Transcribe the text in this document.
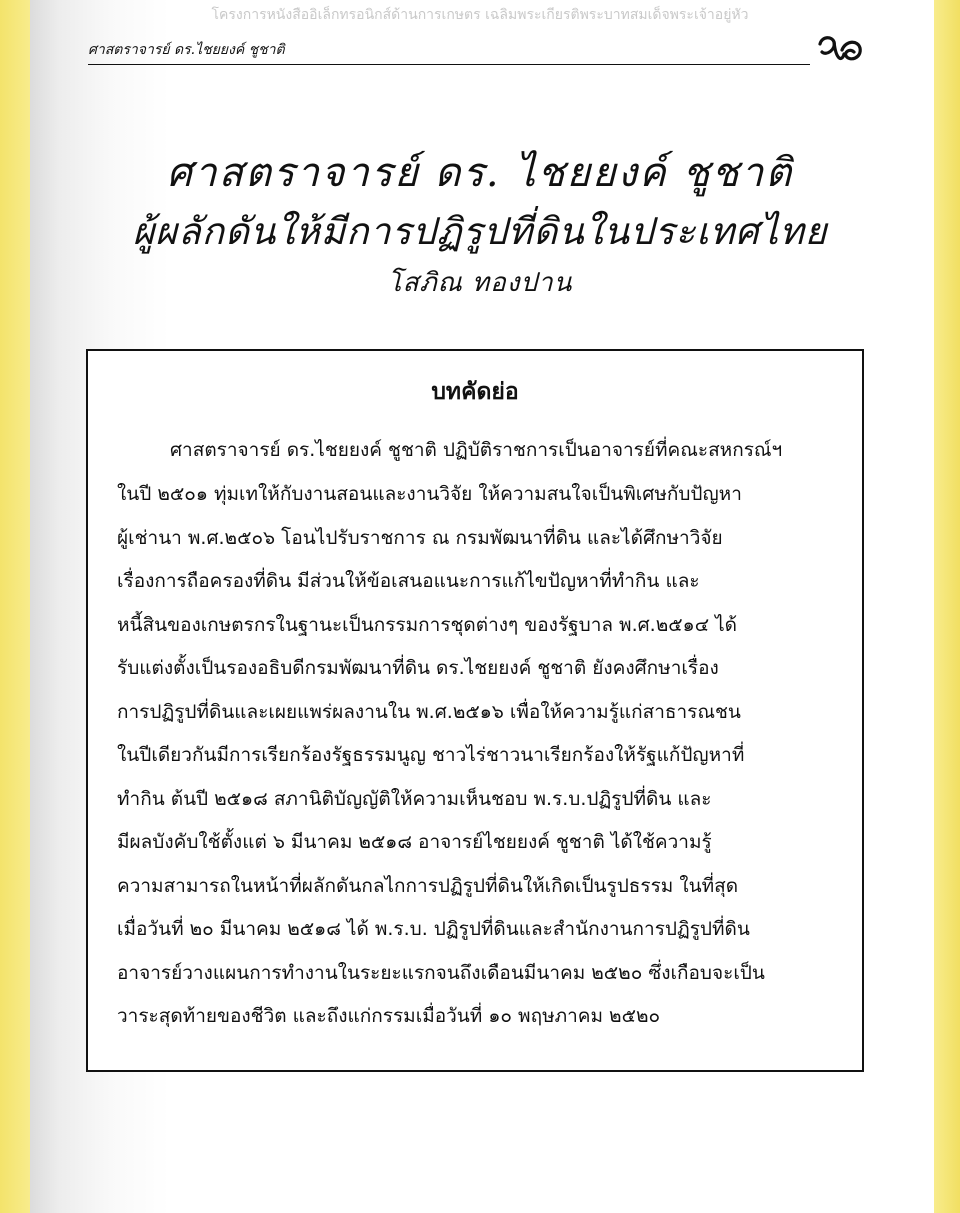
โครงการหนังสืออิเล็กทรอนิกส์ด้านการเกษตร เฉลิมพระเกียรติพระบาทสมเด็จพระเจ้าอยู่หัว
ศาสตราจารย์ ดร.ไชยยงค์ ชูชาติ
ศาสตราจารย์ ดร. ไชยยงค์ ชูชาติ
ผู้ผลักดันให้มีการปฏิรูปที่ดินในประเทศไทย
โสภิณ ทองปาน
บทคัดย่อ
ศาสตราจารย์ ดร.ไชยยงค์ ชูชาติ ปฏิบัติราชการเป็นอาจารย์ที่คณะสหกรณ์ฯ
ในปี ๒๕๐๑ ทุ่มเทให้กับงานสอนและงานวิจัย ให้ความสนใจเป็นพิเศษกับปัญหา
ผู้เช่านา พ.ศ.๒๕๐๖ โอนไปรับราชการ ณ กรมพัฒนาที่ดิน และได้ศึกษาวิจัย
เรื่องการถือครองที่ดิน มีส่วนให้ข้อเสนอแนะการแก้ไขปัญหาที่ทำกิน และ
หนี้สินของเกษตรกรในฐานะเป็นกรรมการชุดต่างๆ ของรัฐบาล พ.ศ.๒๕๑๔ ได้
รับแต่งตั้งเป็นรองอธิบดีกรมพัฒนาที่ดิน ดร.ไชยยงค์ ชูชาติ ยังคงศึกษาเรื่อง
การปฏิรูปที่ดินและเผยแพร่ผลงานใน พ.ศ.๒๕๑๖ เพื่อให้ความรู้แก่สาธารณชน
ในปีเดียวกันมีการเรียกร้องรัฐธรรมนูญ ชาวไร่ชาวนาเรียกร้องให้รัฐแก้ปัญหาที่
ทำกิน ต้นปี ๒๕๑๘ สภานิติบัญญัติให้ความเห็นชอบ พ.ร.บ.ปฏิรูปที่ดิน และ
มีผลบังคับใช้ตั้งแต่ ๖ มีนาคม ๒๕๑๘ อาจารย์ไชยยงค์ ชูชาติ ได้ใช้ความรู้
ความสามารถในหน้าที่ผลักดันกลไกการปฏิรูปที่ดินให้เกิดเป็นรูปธรรม ในที่สุด
เมื่อวันที่ ๒๐ มีนาคม ๒๕๑๘ ได้ พ.ร.บ. ปฏิรูปที่ดินและสำนักงานการปฏิรูปที่ดิน
อาจารย์วางแผนการทำงานในระยะแรกจนถึงเดือนมีนาคม ๒๕๒๐ ซึ่งเกือบจะเป็น
วาระสุดท้ายของชีวิต และถึงแก่กรรมเมื่อวันที่ ๑๐ พฤษภาคม ๒๕๒๐
